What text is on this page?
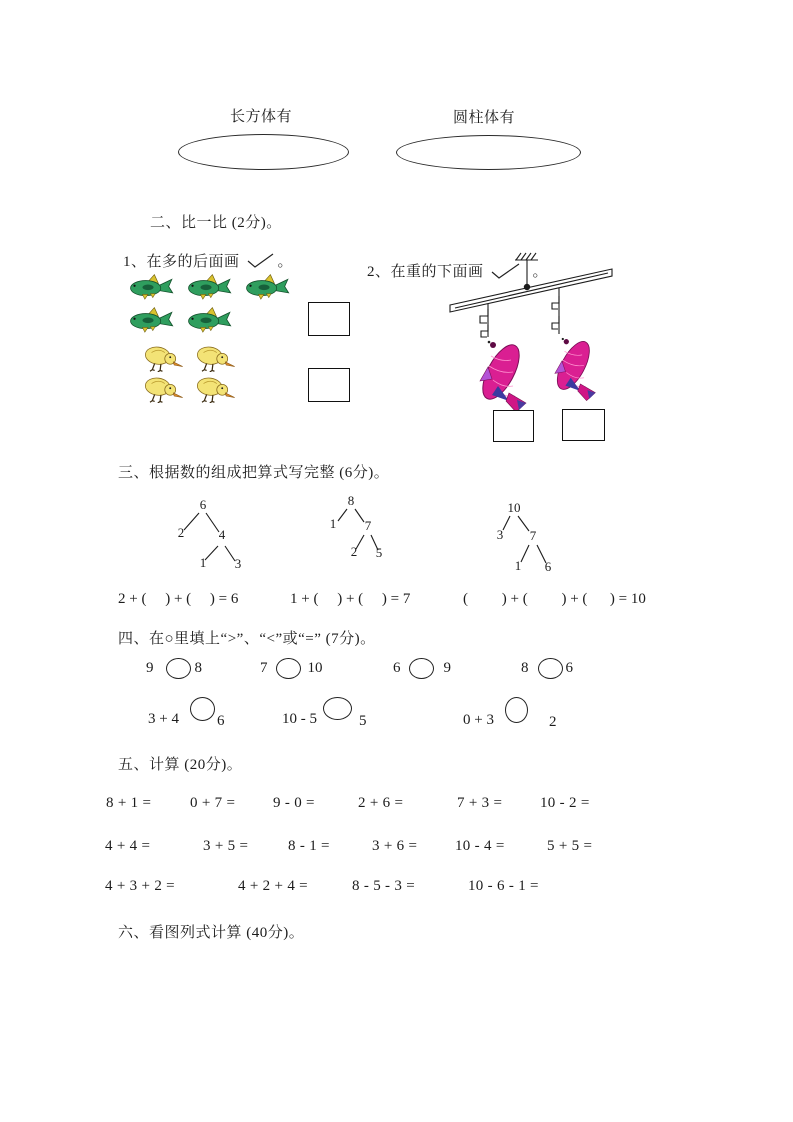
长方体有	圆柱体有
二、比一比 (2分)。
1、在多的后面画	。
2、在重的下面画	。
三、根据数的组成把算式写完整 (6分)。
6
2	4
1 3
8
1 7
2 5
10
3 7
1 6
2 + (     ) + (     ) = 6	1 + (     ) + (     ) = 7	(         ) + (         ) + (      ) = 10
四、在○里填上“>”、“<”或“=” (7分)。
9	8	7	10	6	9	8 6
3 + 4	6	10 - 5	5	0 + 3	2
五、计算 (20分)。
8 + 1 =	0 + 7 =	9 - 0 =	2 + 6 =	7 + 3 =	10 - 2 =
4 + 4 =	3 + 5 =	8 - 1 =	3 + 6 =	10 - 4 =	5 + 5 =
4 + 3 + 2 =	4 + 2 + 4 =	8 - 5 - 3 =	10 - 6 - 1 =
六、看图列式计算 (40分)。
